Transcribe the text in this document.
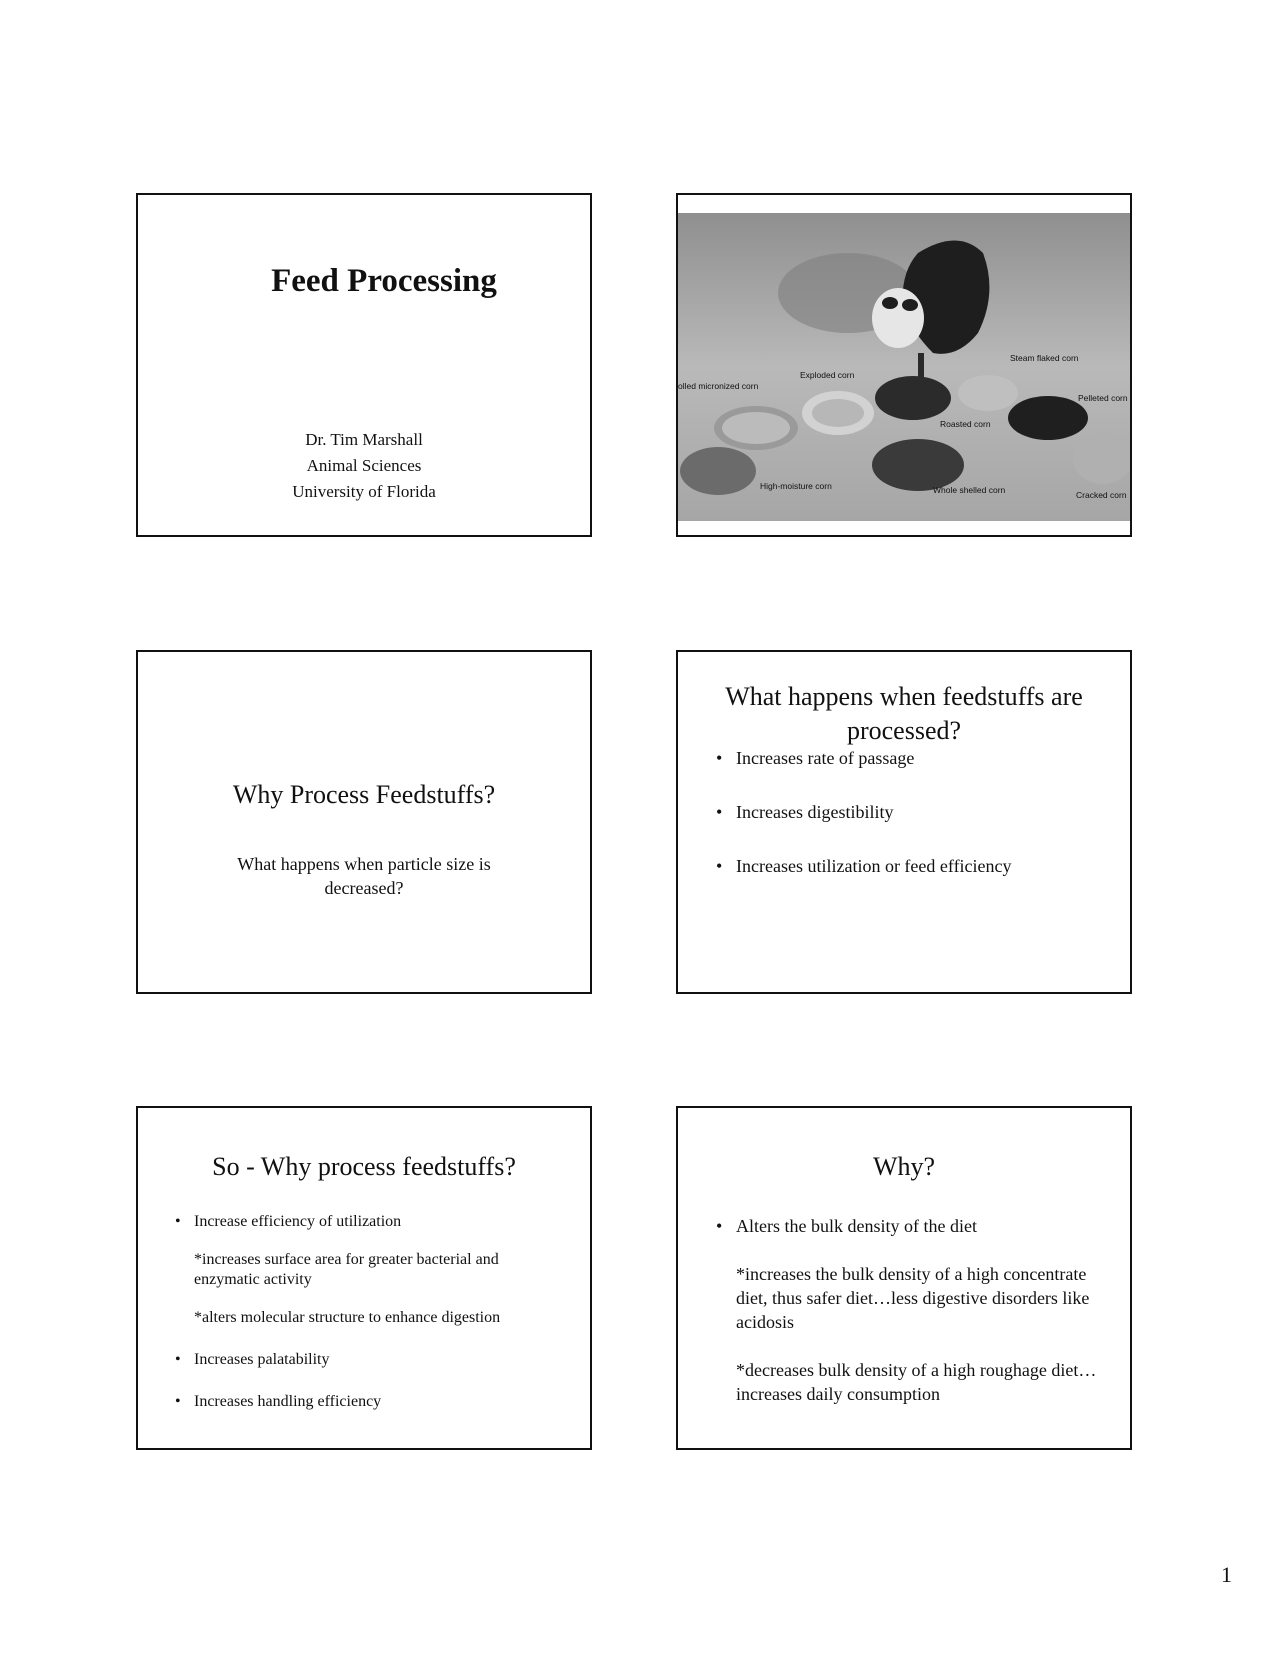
Feed Processing
Dr. Tim Marshall
Animal Sciences
University of Florida
Steam flaked corn
Exploded corn
olled micronized corn
Pelleted corn
Roasted corn
High-moisture corn	Whole shelled corn	Cracked corn
Why Process Feedstuffs?
What happens when particle size is decreased?
What happens when feedstuffs are processed?
• Increases rate of passage
• Increases digestibility
• Increases utilization or feed efficiency
So - Why process feedstuffs?
• Increase efficiency of utilization
*increases surface area for greater bacterial and enzymatic activity
*alters molecular structure to enhance digestion
• Increases palatability
• Increases handling efficiency
Why?
• Alters the bulk density of the diet
*increases the bulk density of a high concentrate diet, thus safer diet…less digestive disorders like acidosis
*decreases bulk density of a high roughage diet…increases daily consumption
1
